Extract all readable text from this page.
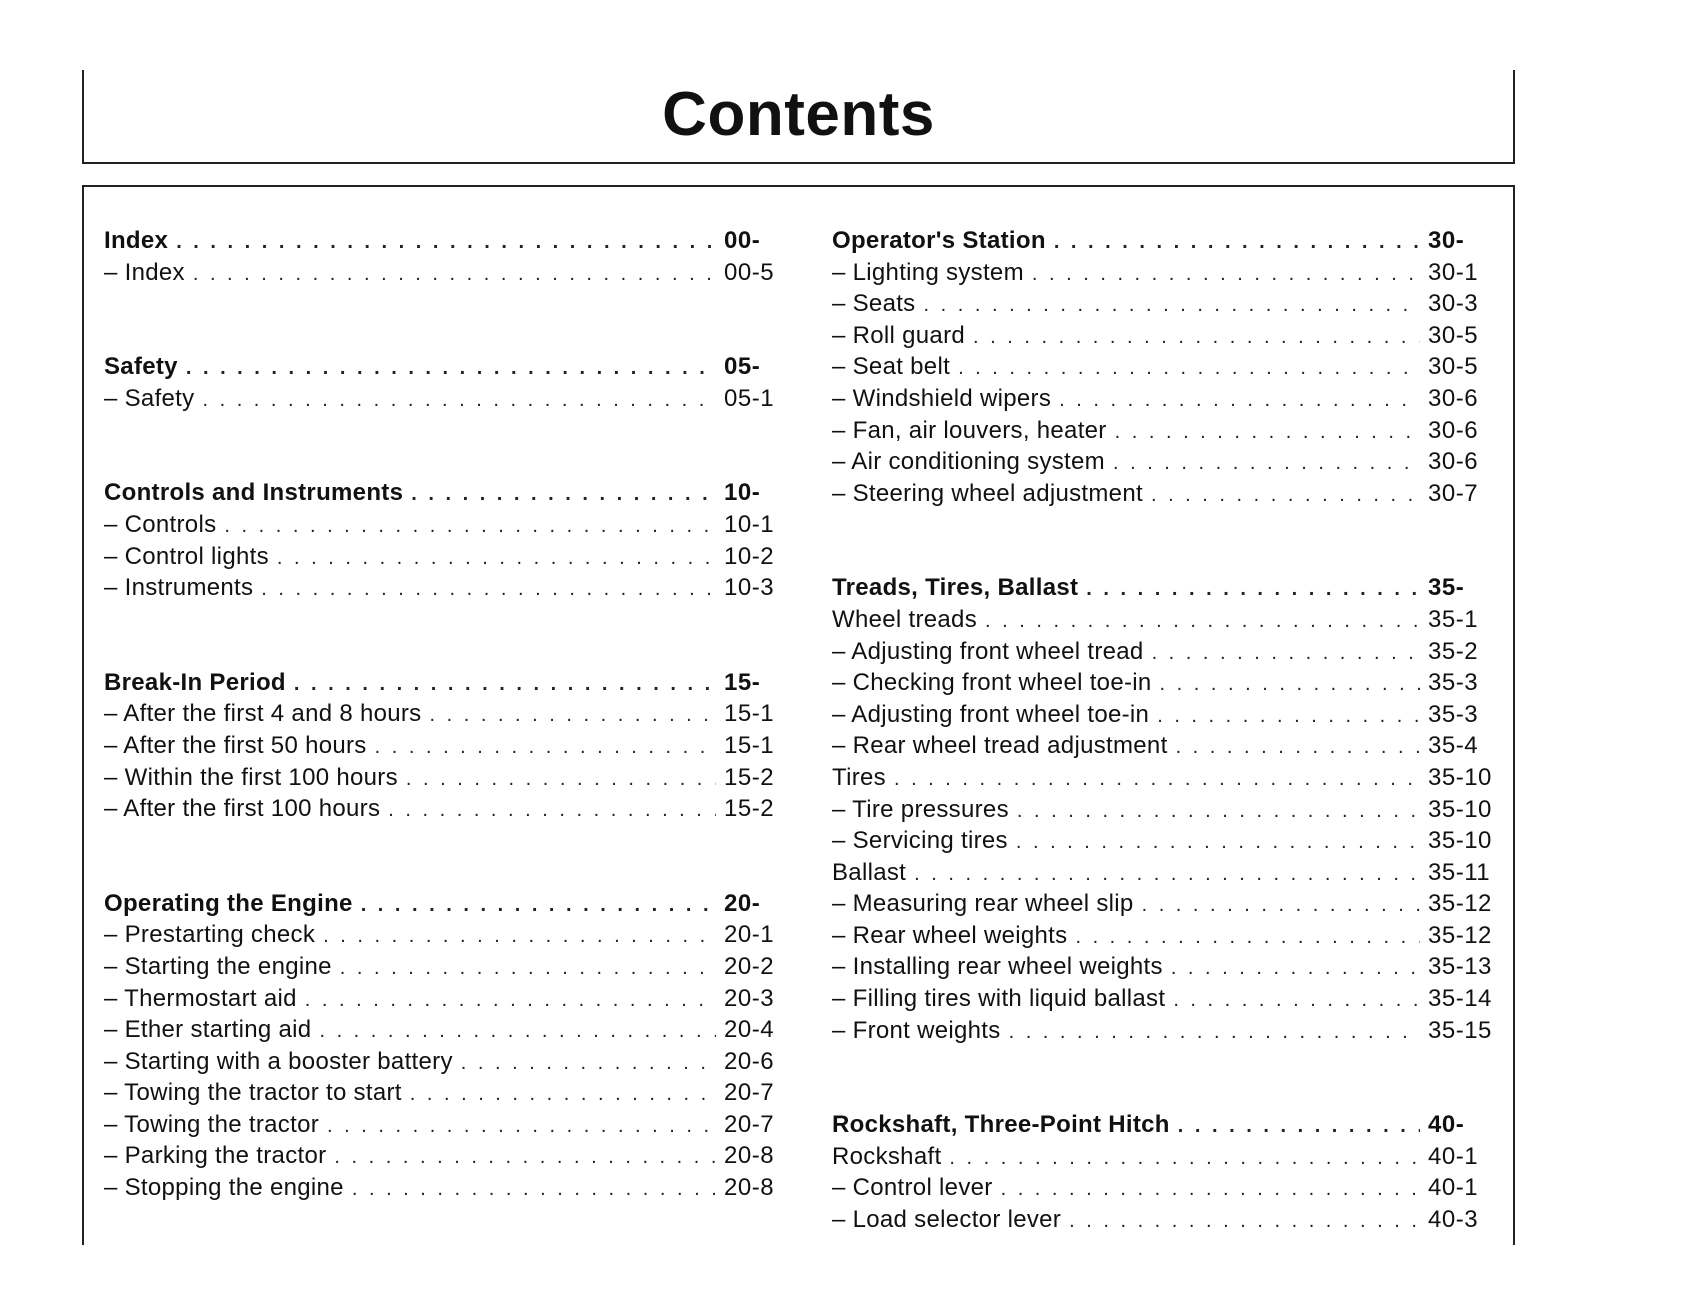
Contents
Index . . .	00-
– Index . . .	00-5
Safety . . .	05-
– Safety . . .	05-1
Controls and Instruments . . .	10-
– Controls . . .	10-1
– Control lights . . .	10-2
– Instruments . . .	10-3
Break-In Period . . .	15-
– After the first 4 and 8 hours . . .	15-1
– After the first 50 hours . . .	15-1
– Within the first 100 hours . . .	15-2
– After the first 100 hours . . .	15-2
Operating the Engine . . .	20-
– Prestarting check . . .	20-1
– Starting the engine . . .	20-2
– Thermostart aid . . .	20-3
– Ether starting aid . . .	20-4
– Starting with a booster battery . . .	20-6
– Towing the tractor to start . . .	20-7
– Towing the tractor . . .	20-7
– Parking the tractor . . .	20-8
– Stopping the engine . . .	20-8
Operator's Station . . .	30-
– Lighting system . . .	30-1
– Seats . . .	30-3
– Roll guard . . .	30-5
– Seat belt . . .	30-5
– Windshield wipers . . .	30-6
– Fan, air louvers, heater . . .	30-6
– Air conditioning system . . .	30-6
– Steering wheel adjustment . . .	30-7
Treads, Tires, Ballast . . .	35-
Wheel treads . . .	35-1
– Adjusting front wheel tread . . .	35-2
– Checking front wheel toe-in . . .	35-3
– Adjusting front wheel toe-in . . .	35-3
– Rear wheel tread adjustment . . .	35-4
Tires . . .	35-10
– Tire pressures . . .	35-10
– Servicing tires . . .	35-10
Ballast . . .	35-11
– Measuring rear wheel slip . . .	35-12
– Rear wheel weights . . .	35-12
– Installing rear wheel weights . . .	35-13
– Filling tires with liquid ballast . . .	35-14
– Front weights . . .	35-15
Rockshaft, Three-Point Hitch . . .	40-
Rockshaft . . .	40-1
– Control lever . . .	40-1
– Load selector lever . . .	40-3
